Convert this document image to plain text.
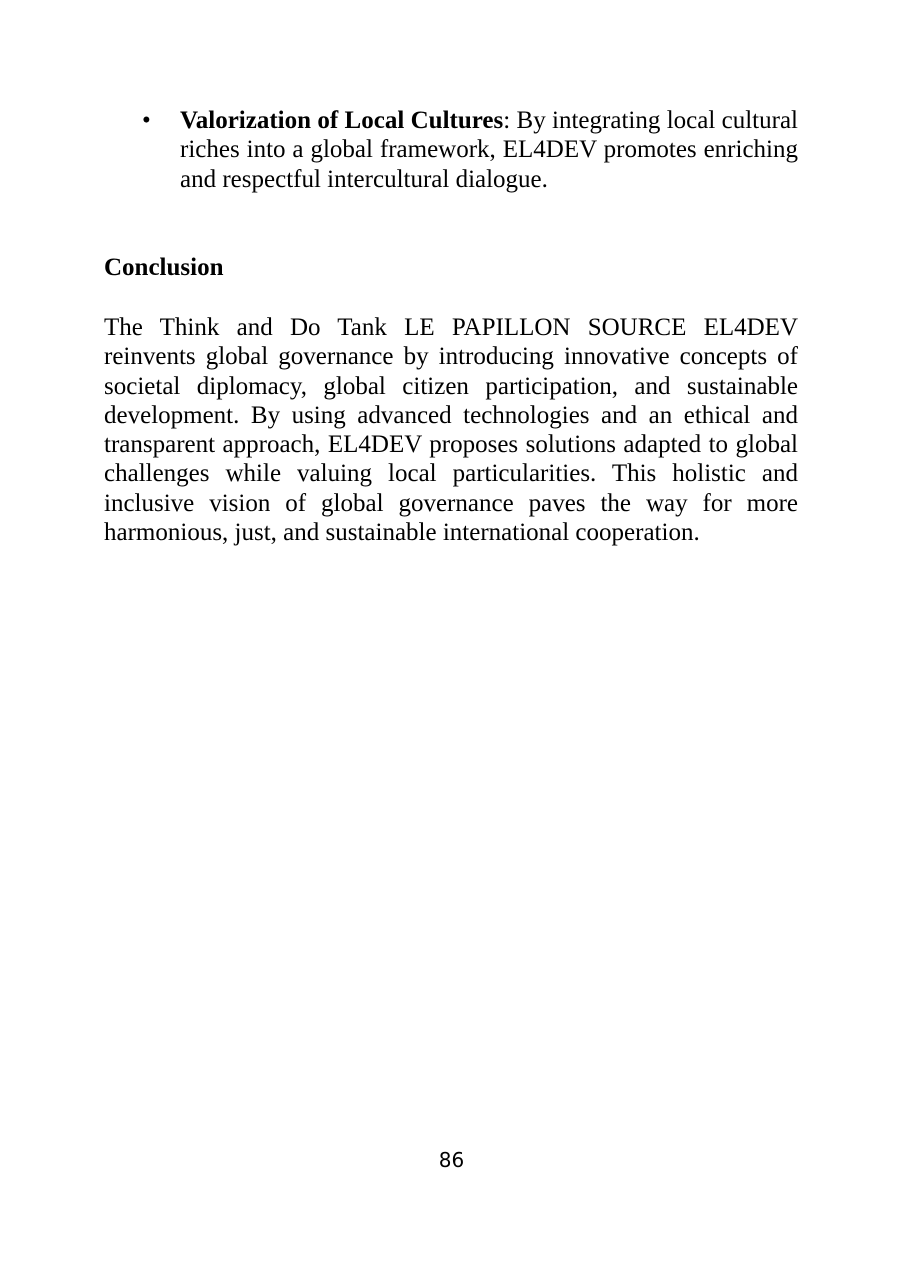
• Valorization of Local Cultures: By integrating local cultural riches into a global framework, EL4DEV promotes enriching and respectful intercultural dialogue.
Conclusion
The Think and Do Tank LE PAPILLON SOURCE EL4DEV reinvents global governance by introducing innovative concepts of societal diplomacy, global citizen participation, and sustainable development. By using advanced technologies and an ethical and transparent approach, EL4DEV proposes solutions adapted to global challenges while valuing local particularities. This holistic and inclusive vision of global governance paves the way for more harmonious, just, and sustainable international cooperation.
86
